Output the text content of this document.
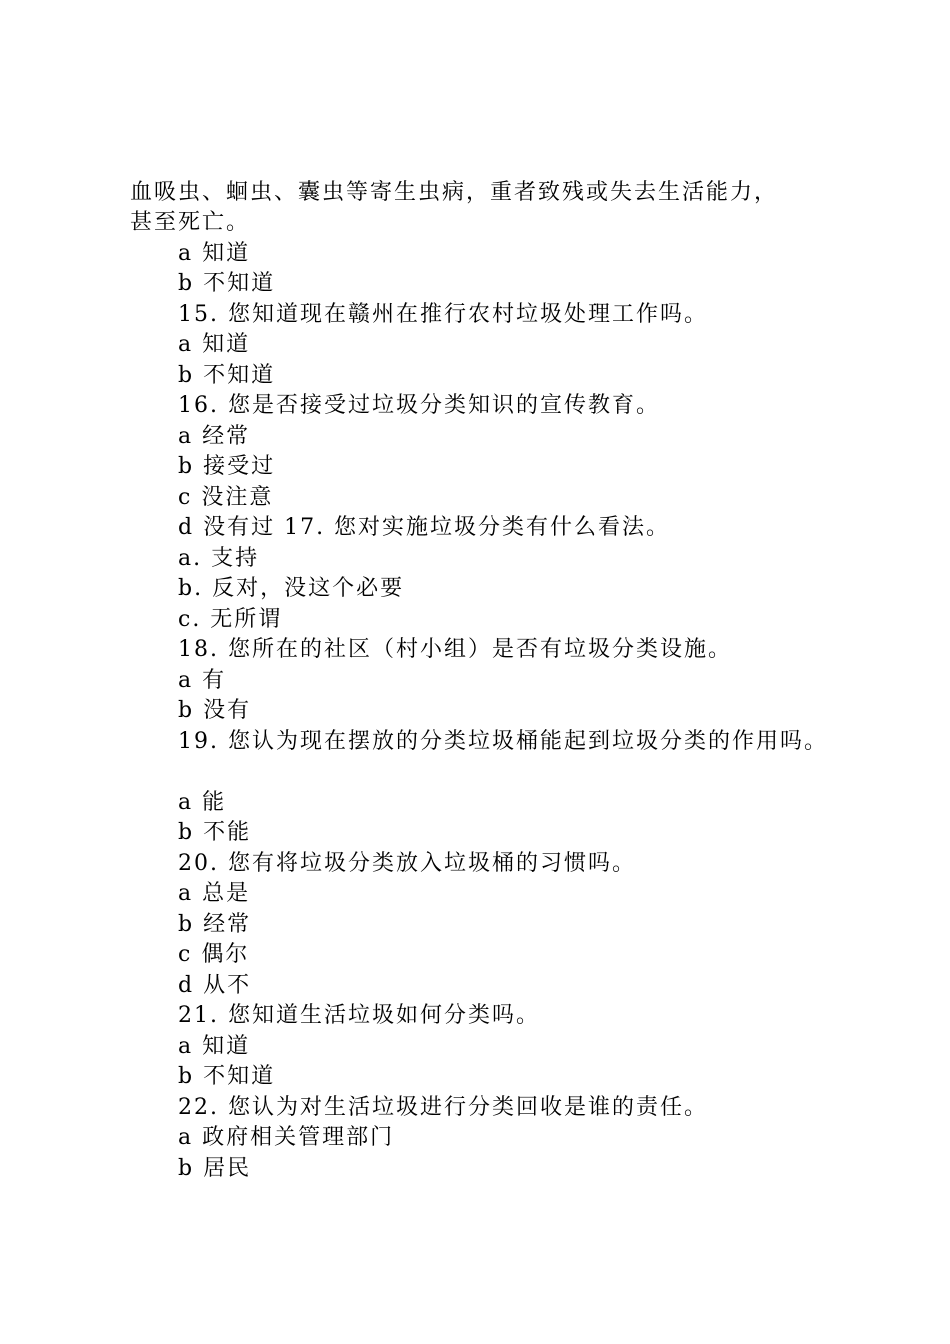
血吸虫、蛔虫、囊虫等寄生虫病，重者致残或失去生活能力，
甚至死亡。
a 知道
b 不知道
15. 您知道现在赣州在推行农村垃圾处理工作吗。
a 知道
b 不知道
16. 您是否接受过垃圾分类知识的宣传教育。
a 经常
b 接受过
c 没注意
d 没有过 17. 您对实施垃圾分类有什么看法。
a. 支持
b. 反对，没这个必要
c. 无所谓
18. 您所在的社区（村小组）是否有垃圾分类设施。
a 有
b 没有
19. 您认为现在摆放的分类垃圾桶能起到垃圾分类的作用吗。
a 能
b 不能
20. 您有将垃圾分类放入垃圾桶的习惯吗。
a 总是
b 经常
c 偶尔
d 从不
21. 您知道生活垃圾如何分类吗。
a 知道
b 不知道
22. 您认为对生活垃圾进行分类回收是谁的责任。
a 政府相关管理部门
b 居民
